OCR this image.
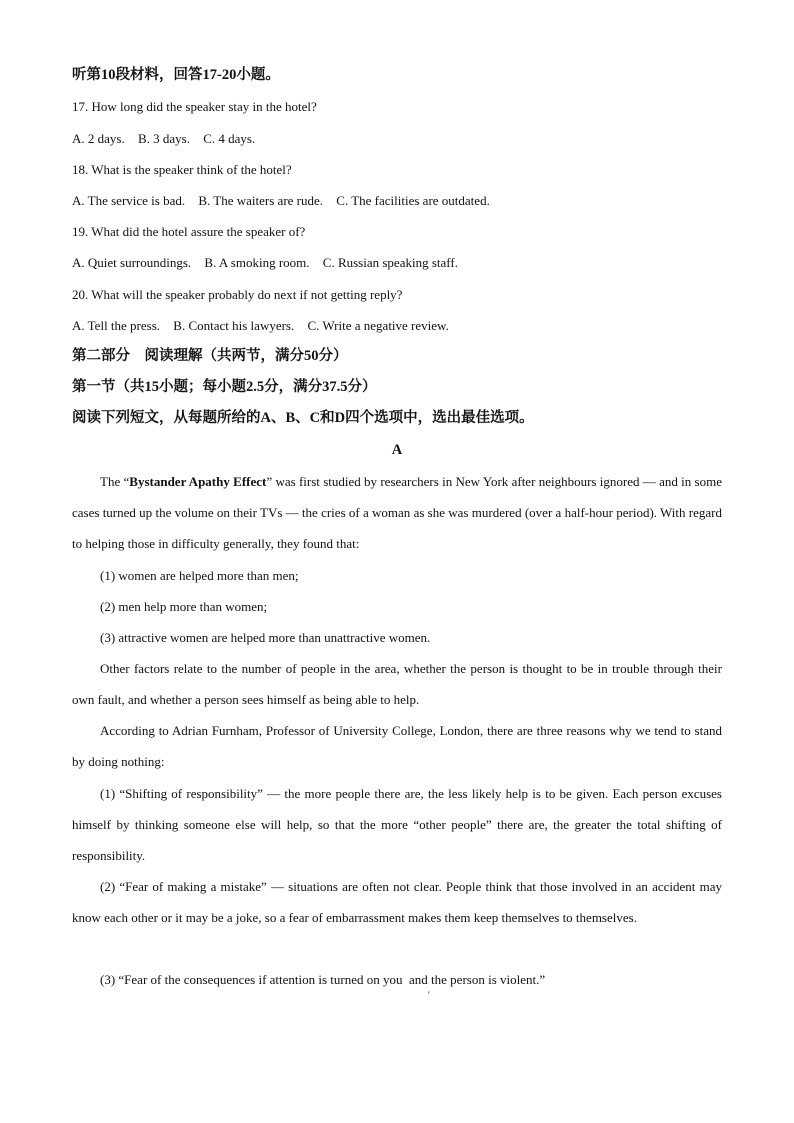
听第10段材料，回答17-20小题。
17. How long did the speaker stay in the hotel?
A. 2 days. B. 3 days. C. 4 days.
18. What is the speaker think of the hotel?
A. The service is bad. B. The waiters are rude. C. The facilities are outdated.
19. What did the hotel assure the speaker of?
A. Quiet surroundings. B. A smoking room. C. Russian speaking staff.
20. What will the speaker probably do next if not getting reply?
A. Tell the press. B. Contact his lawyers. C. Write a negative review.
第二部分　阅读理解（共两节，满分50分）
第一节（共15小题；每小题2.5分，满分37.5分）
阅读下列短文，从每题所给的A、B、C和D四个选项中，选出最佳选项。
A
The “Bystander Apathy Effect” was first studied by researchers in New York after neighbours ignored — and in some cases turned up the volume on their TVs — the cries of a woman as she was murdered (over a half-hour period). With regard to helping those in difficulty generally, they found that:
(1) women are helped more than men;
(2) men help more than women;
(3) attractive women are helped more than unattractive women.
Other factors relate to the number of people in the area, whether the person is thought to be in trouble through their own fault, and whether a person sees himself as being able to help.
According to Adrian Furnham, Professor of University College, London, there are three reasons why we tend to stand by doing nothing:
(1) “Shifting of responsibility” — the more people there are, the less likely help is to be given. Each person excuses himself by thinking someone else will help, so that the more “other people” there are, the greater the total shifting of responsibility.
(2) “Fear of making a mistake” — situations are often not clear. People think that those involved in an accident may know each other or it may be a joke, so a fear of embarrassment makes them keep themselves to themselves.
(3) “Fear of the consequences if attention is turned on you  and the person is violent.”
'
